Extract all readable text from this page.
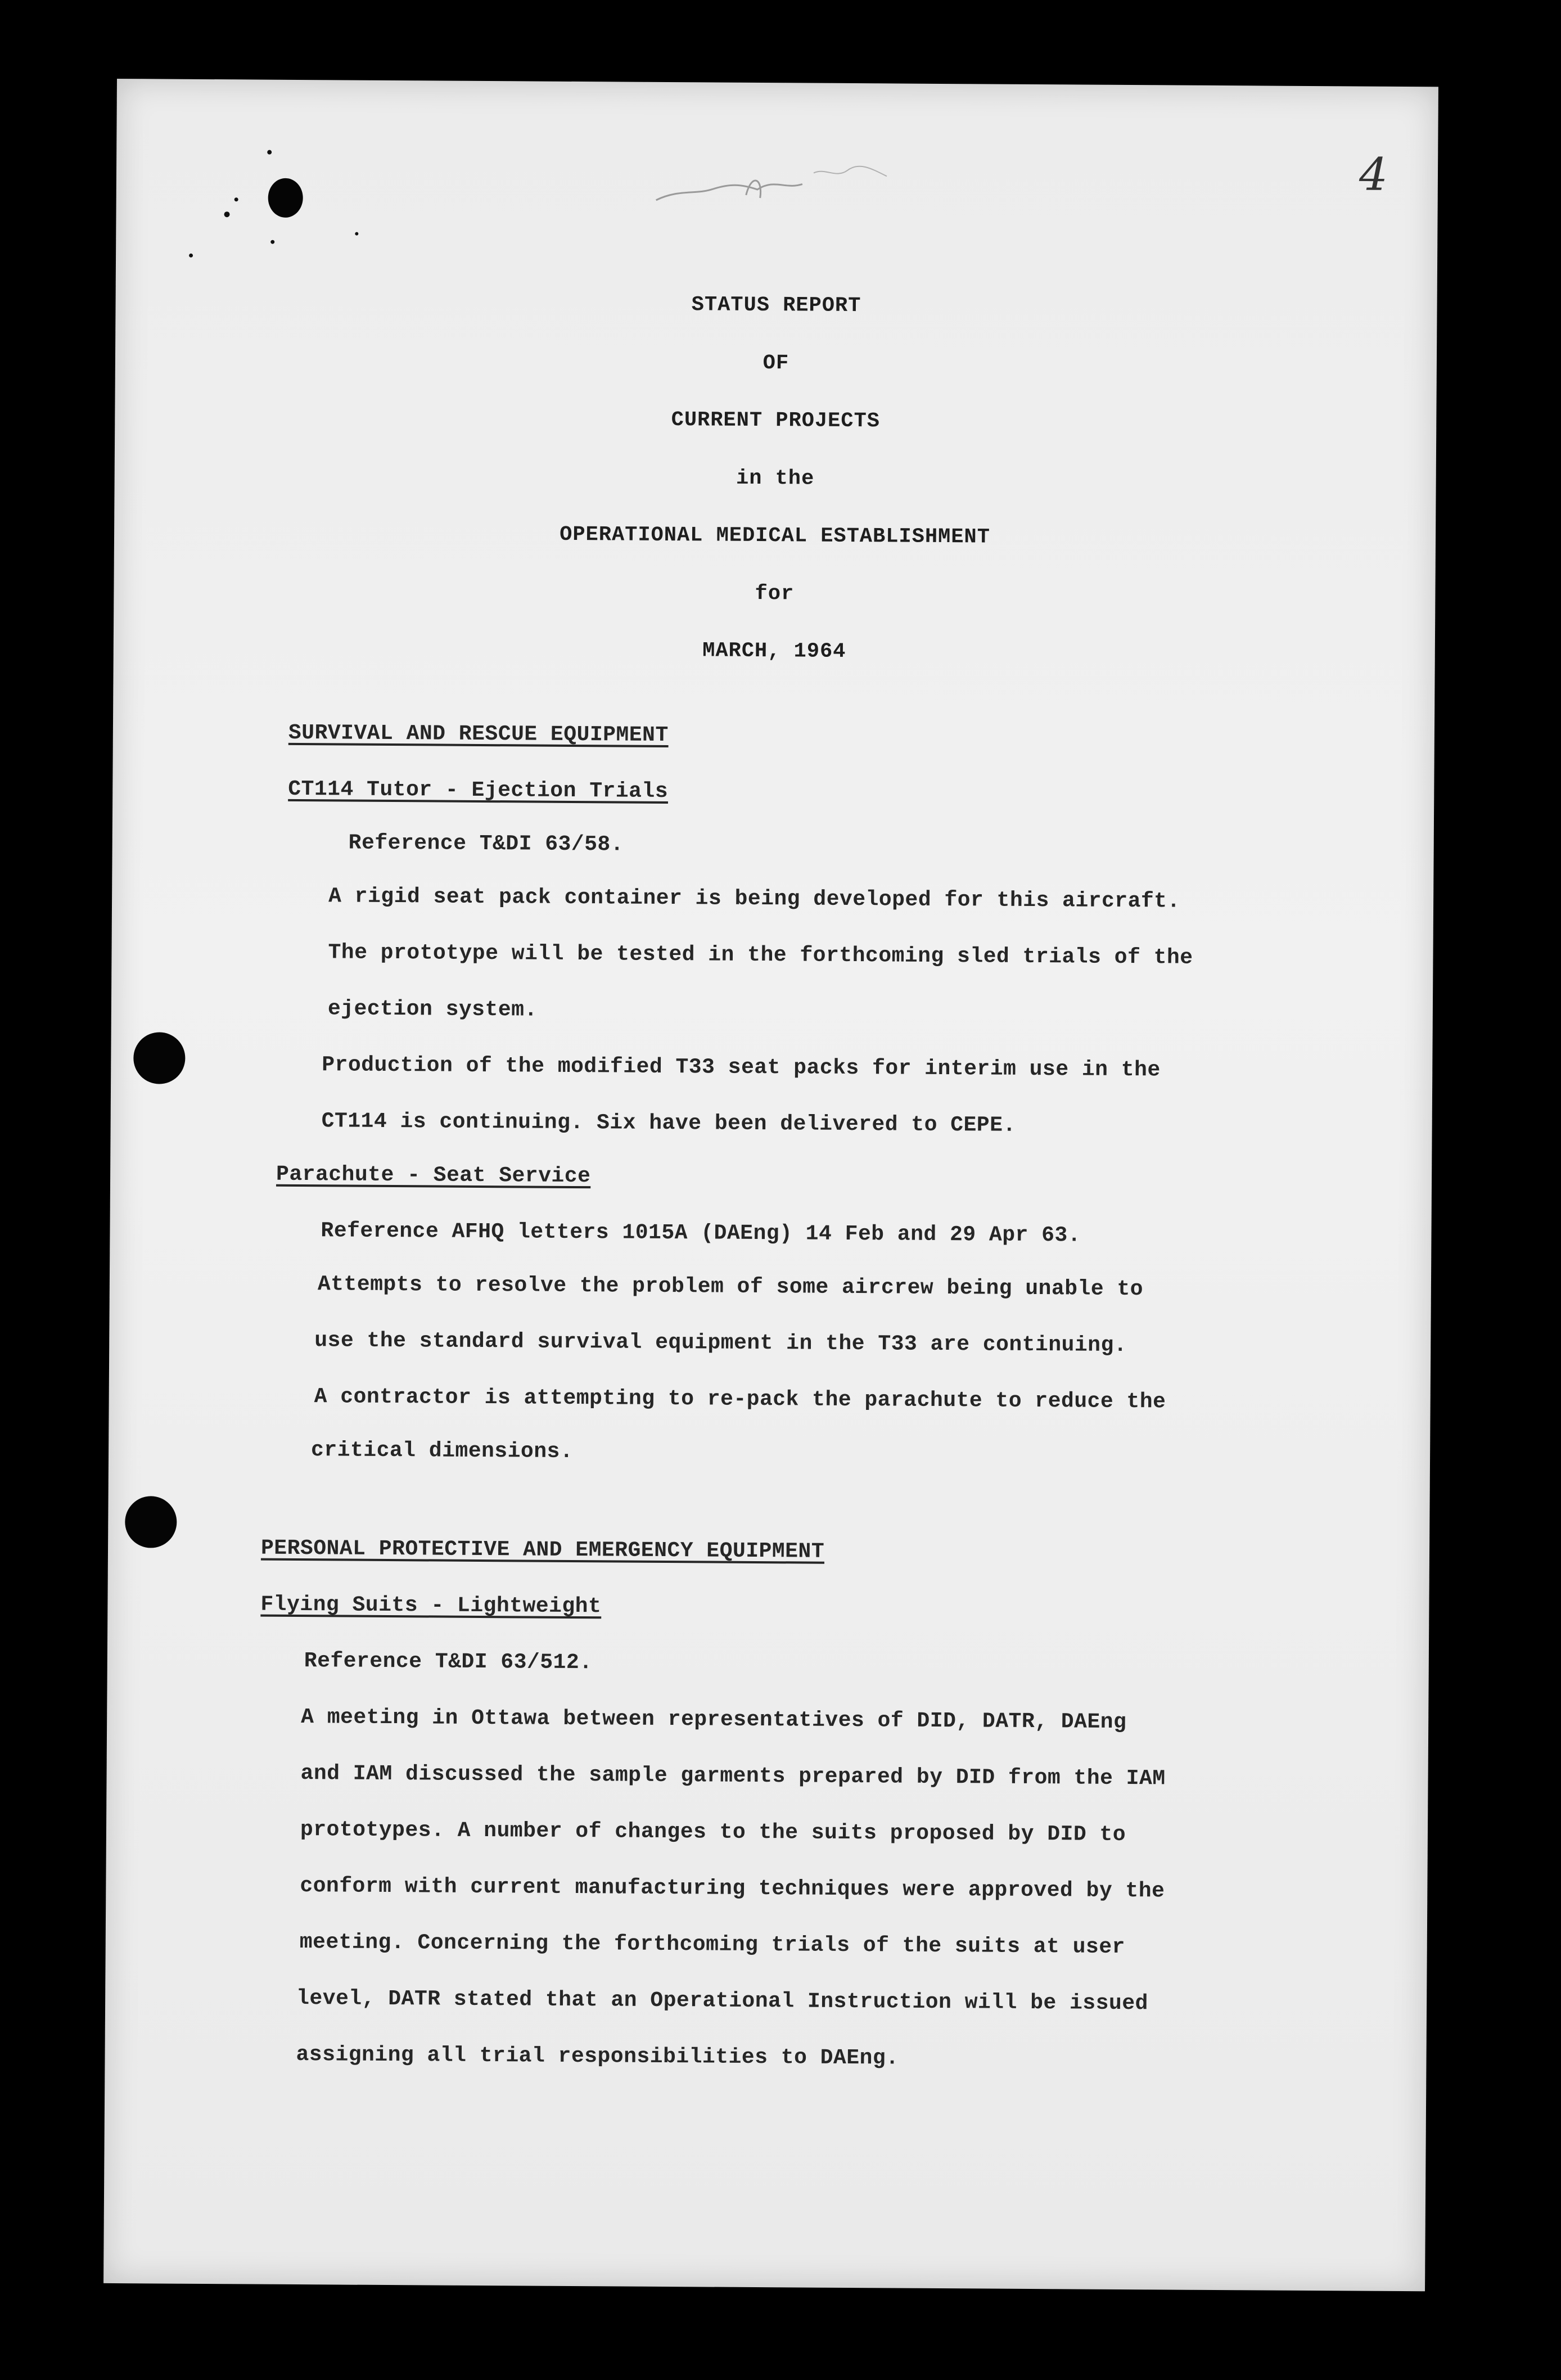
4
STATUS REPORT
OF
CURRENT PROJECTS
in the
OPERATIONAL MEDICAL ESTABLISHMENT
for
MARCH, 1964
SURVIVAL AND RESCUE EQUIPMENT
CT114 Tutor - Ejection Trials
Reference T&DI 63/58.
A rigid seat pack container is being developed for this aircraft.
The prototype will be tested in the forthcoming sled trials of the
ejection system.
Production of the modified T33 seat packs for interim use in the
CT114 is continuing. Six have been delivered to CEPE.
Parachute - Seat Service
Reference AFHQ letters 1015A (DAEng) 14 Feb and 29 Apr 63.
Attempts to resolve the problem of some aircrew being unable to
use the standard survival equipment in the T33 are continuing.
A contractor is attempting to re-pack the parachute to reduce the
critical dimensions.
PERSONAL PROTECTIVE AND EMERGENCY EQUIPMENT
Flying Suits - Lightweight
Reference T&DI 63/512.
A meeting in Ottawa between representatives of DID, DATR, DAEng
and IAM discussed the sample garments prepared by DID from the IAM
prototypes. A number of changes to the suits proposed by DID to
conform with current manufacturing techniques were approved by the
meeting. Concerning the forthcoming trials of the suits at user
level, DATR stated that an Operational Instruction will be issued
assigning all trial responsibilities to DAEng.
